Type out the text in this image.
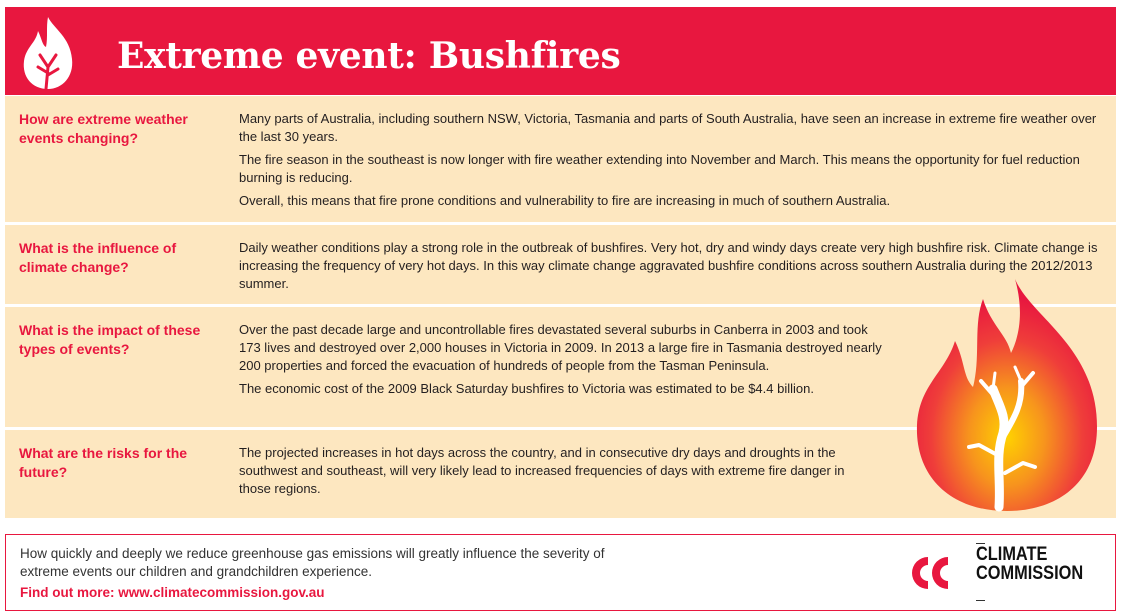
Extreme event: Bushfires
How are extreme weather events changing?

Many parts of Australia, including southern NSW, Victoria, Tasmania and parts of South Australia, have seen an increase in extreme fire weather over the last 30 years.

The fire season in the southeast is now longer with fire weather extending into November and March. This means the opportunity for fuel reduction burning is reducing.

Overall, this means that fire prone conditions and vulnerability to fire are increasing in much of southern Australia.

What is the influence of climate change?

Daily weather conditions play a strong role in the outbreak of bushfires. Very hot, dry and windy days create very high bushfire risk. Climate change is increasing the frequency of very hot days. In this way climate change aggravated bushfire conditions across southern Australia during the 2012/2013 summer.

What is the impact of these types of events?

Over the past decade large and uncontrollable fires devastated several suburbs in Canberra in 2003 and took 173 lives and destroyed over 2,000 houses in Victoria in 2009. In 2013 a large fire in Tasmania destroyed nearly 200 properties and forced the evacuation of hundreds of people from the Tasman Peninsula.

The economic cost of the 2009 Black Saturday bushfires to Victoria was estimated to be $4.4 billion.

What are the risks for the future?

The projected increases in hot days across the country, and in consecutive dry days and droughts in the southwest and southeast, will very likely lead to increased frequencies of days with extreme fire danger in those regions.

How quickly and deeply we reduce greenhouse gas emissions will greatly influence the severity of extreme events our children and grandchildren experience.
Find out more: www.climatecommission.gov.au
CLIMATE
COMMISSION
